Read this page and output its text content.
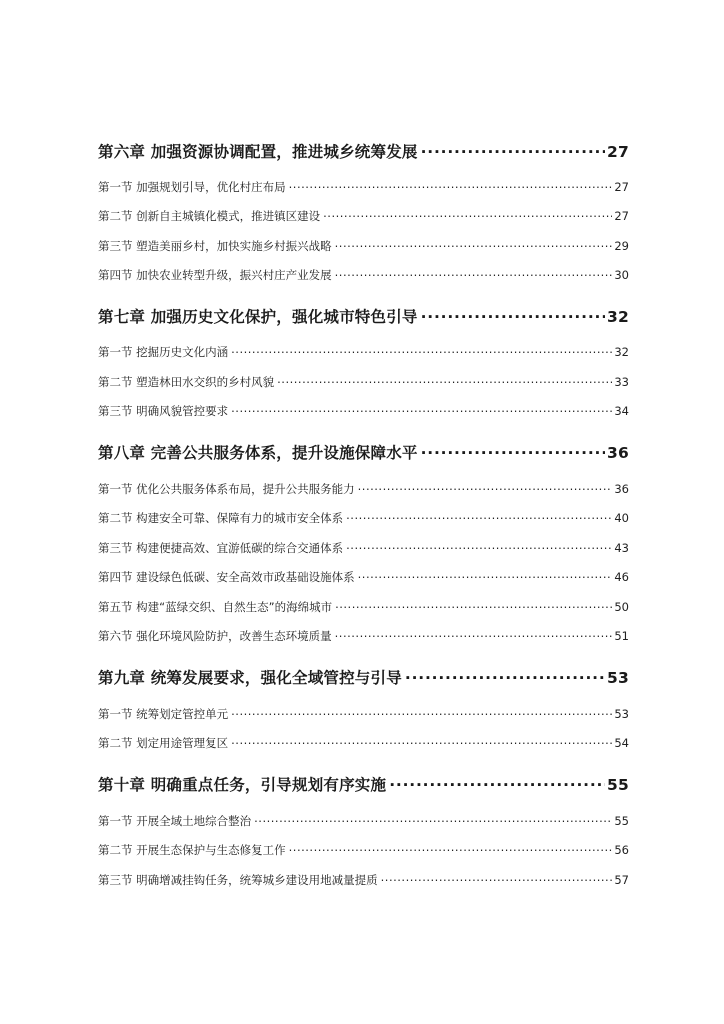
第六章 加强资源协调配置，推进城乡统筹发展 .....	27
第一节 加强规划引导，优化村庄布局 .....	27
第二节 创新自主城镇化模式，推进镇区建设 .....	27
第三节 塑造美丽乡村，加快实施乡村振兴战略 .....	29
第四节 加快农业转型升级，振兴村庄产业发展 .....	30
第七章 加强历史文化保护，强化城市特色引导 .....	32
第一节 挖掘历史文化内涵 .....	32
第二节 塑造林田水交织的乡村风貌 .....	33
第三节 明确风貌管控要求 .....	34
第八章 完善公共服务体系，提升设施保障水平 .....	36
第一节 优化公共服务体系布局，提升公共服务能力 .....	36
第二节 构建安全可靠、保障有力的城市安全体系 .....	40
第三节 构建便捷高效、宜游低碳的综合交通体系 .....	43
第四节 建设绿色低碳、安全高效市政基础设施体系 .....	46
第五节 构建“蓝绿交织、自然生态”的海绵城市 .....	50
第六节 强化环境风险防护，改善生态环境质量 .....	51
第九章 统筹发展要求，强化全域管控与引导 .....	53
第一节 统筹划定管控单元 .....	53
第二节 划定用途管理复区 .....	54
第十章 明确重点任务，引导规划有序实施 .....	55
第一节 开展全域土地综合整治 .....	55
第二节 开展生态保护与生态修复工作 .....	56
第三节 明确增减挂钩任务，统筹城乡建设用地减量提质 .....	57
